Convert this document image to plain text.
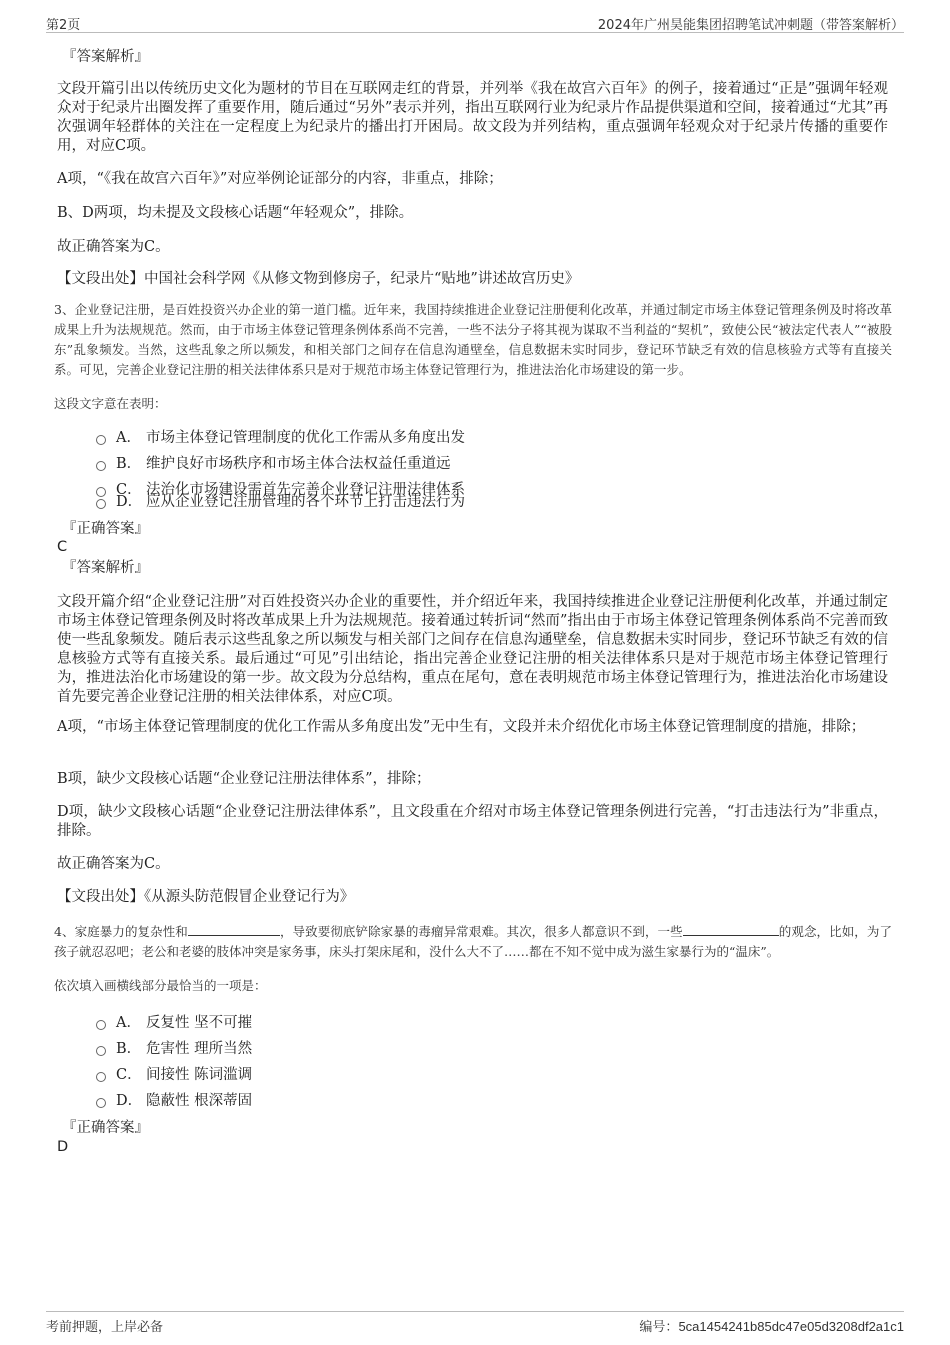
第2页	2024年广州昊能集团招聘笔试冲刺题（带答案解析）
『答案解析』
文段开篇引出以传统历史文化为题材的节目在互联网走红的背景，并列举《我在故宫六百年》的例子，接着通过“正是”强调年轻观众对于纪录片出圈发挥了重要作用，随后通过“另外”表示并列，指出互联网行业为纪录片作品提供渠道和空间，接着通过“尤其”再次强调年轻群体的关注在一定程度上为纪录片的播出打开困局。故文段为并列结构，重点强调年轻观众对于纪录片传播的重要作用，对应C项。
A项，“《我在故宫六百年》”对应举例论证部分的内容，非重点，排除；
B、D两项，均未提及文段核心话题“年轻观众”，排除。
故正确答案为C。
【文段出处】中国社会科学网《从修文物到修房子，纪录片“贴地”讲述故宫历史》
3、企业登记注册，是百姓投资兴办企业的第一道门槛。近年来，我国持续推进企业登记注册便利化改革，并通过制定市场主体登记管理条例及时将改革成果上升为法规规范。然而，由于市场主体登记管理条例体系尚不完善，一些不法分子将其视为谋取不当利益的“契机”，致使公民“被法定代表人”“被股东”乱象频发。当然，这些乱象之所以频发，和相关部门之间存在信息沟通壁垒，信息数据未实时同步，登记环节缺乏有效的信息核验方式等有直接关系。可见，完善企业登记注册的相关法律体系只是对于规范市场主体登记管理行为，推进法治化市场建设的第一步。
这段文字意在表明：
A． 市场主体登记管理制度的优化工作需从多角度出发
B． 维护良好市场秩序和市场主体合法权益任重道远
C． 法治化市场建设需首先完善企业登记注册法律体系
D． 应从企业登记注册管理的各个环节上打击违法行为
『正确答案』
C
『答案解析』
文段开篇介绍“企业登记注册”对百姓投资兴办企业的重要性，并介绍近年来，我国持续推进企业登记注册便利化改革，并通过制定市场主体登记管理条例及时将改革成果上升为法规规范。接着通过转折词“然而”指出由于市场主体登记管理条例体系尚不完善而致使一些乱象频发。随后表示这些乱象之所以频发与相关部门之间存在信息沟通壁垒，信息数据未实时同步，登记环节缺乏有效的信息核验方式等有直接关系。最后通过“可见”引出结论，指出完善企业登记注册的相关法律体系只是对于规范市场主体登记管理行为，推进法治化市场建设的第一步。故文段为分总结构，重点在尾句，意在表明规范市场主体登记管理行为，推进法治化市场建设首先要完善企业登记注册的相关法律体系，对应C项。
A项，“市场主体登记管理制度的优化工作需从多角度出发”无中生有，文段并未介绍优化市场主体登记管理制度的措施，排除；
B项，缺少文段核心话题“企业登记注册法律体系”，排除；
D项，缺少文段核心话题“企业登记注册法律体系”，且文段重在介绍对市场主体登记管理条例进行完善，“打击违法行为”非重点，排除。
故正确答案为C。
【文段出处】《从源头防范假冒企业登记行为》
4、家庭暴力的复杂性和	，导致要彻底铲除家暴的毒瘤异常艰难。其次，很多人都意识不到，一些	的观念，比如，为了孩子就忍忍吧；老公和老婆的肢体冲突是家务事，床头打架床尾和，没什么大不了……都在不知不觉中成为滋生家暴行为的“温床”。
依次填入画横线部分最恰当的一项是：
A． 反复性 坚不可摧
B． 危害性 理所当然
C． 间接性 陈词滥调
D． 隐蔽性 根深蒂固
『正确答案』
D
考前押题，上岸必备	编号：5ca1454241b85dc47e05d3208df2a1c1
